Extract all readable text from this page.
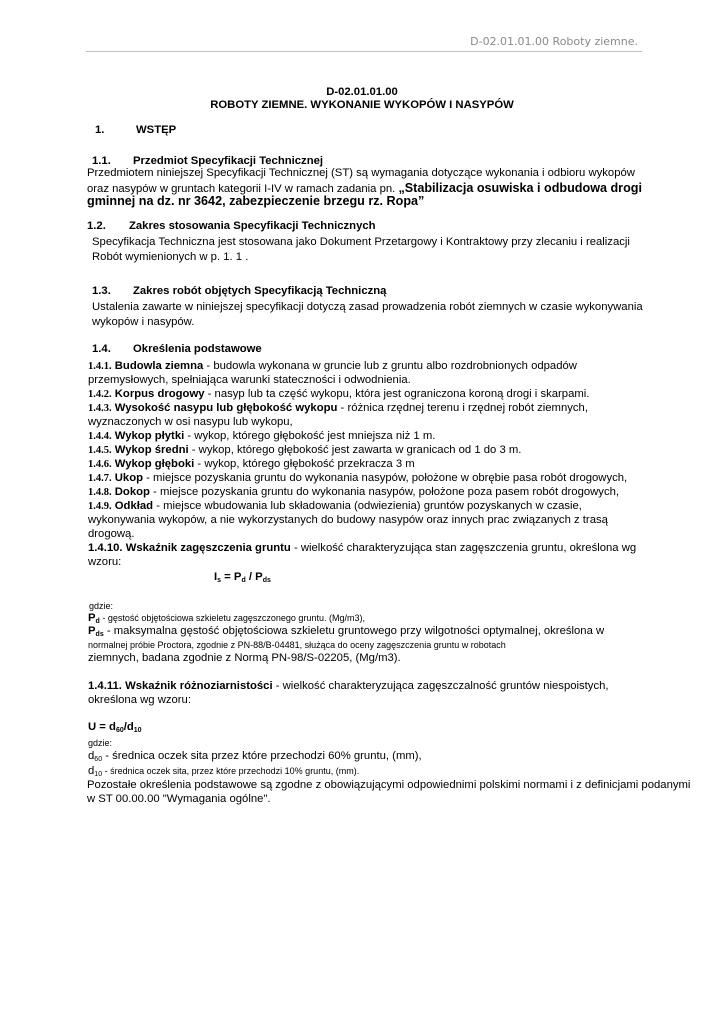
D-02.01.01.00 Roboty ziemne.
D-02.01.01.00
ROBOTY ZIEMNE. WYKONANIE WYKOPÓW I NASYPÓW
1.	WSTĘP
1.1. Przedmiot Specyfikacji Technicznej
Przedmiotem niniejszej Specyfikacji Technicznej (ST) są wymagania dotyczące wykonania i odbioru wykopów
oraz nasypów w gruntach kategorii I-IV w ramach zadania pn. „Stabilizacja osuwiska i odbudowa drogi
gminnej na dz. nr 3642, zabezpieczenie brzegu rz. Ropa”
1.2. Zakres stosowania Specyfikacji Technicznych
Specyfikacja Techniczna jest stosowana jako Dokument Przetargowy i Kontraktowy przy zlecaniu i realizacji
Robót wymienionych w p. 1. 1 .
1.3. Zakres robót objętych Specyfikacją Techniczną
Ustalenia zawarte w niniejszej specyfikacji dotyczą zasad prowadzenia robót ziemnych w czasie wykonywania
wykopów i nasypów.
1.4. Określenia podstawowe
1.4.1. Budowla ziemna - budowla wykonana w gruncie lub z gruntu albo rozdrobnionych odpadów
przemysłowych, spełniająca warunki stateczności i odwodnienia.
1.4.2. Korpus drogowy - nasyp lub ta część wykopu, która jest ograniczona koroną drogi i skarpami.
1.4.3. Wysokość nasypu lub głębokość wykopu - różnica rzędnej terenu i rzędnej robót ziemnych,
wyznaczonych w osi nasypu lub wykopu,
1.4.4. Wykop płytki - wykop, którego głębokość jest mniejsza niż 1 m.
1.4.5. Wykop średni - wykop, którego głębokość jest zawarta w granicach od 1 do 3 m.
1.4.6. Wykop głęboki - wykop, którego głębokość przekracza 3 m
1.4.7. Ukop - miejsce pozyskania gruntu do wykonania nasypów, położone w obrębie pasa robót drogowych,
1.4.8. Dokop - miejsce pozyskania gruntu do wykonania nasypów, położone poza pasem robót drogowych,
1.4.9. Odkład - miejsce wbudowania lub składowania (odwiezienia) gruntów pozyskanych w czasie,
wykonywania wykopów, a nie wykorzystanych do budowy nasypów oraz innych prac związanych z trasą
drogową.
1.4.10. Wskaźnik zagęszczenia gruntu - wielkość charakteryzująca stan zagęszczenia gruntu, określona wg
wzoru:
$I_s = P_d / P_{ds}$
gdzie:
$P_d$ - gęstość objętościowa szkieletu zagęszczonego gruntu. (Mg/m3),
$P_{ds}$ - maksymalna gęstość objętościowa szkieletu gruntowego przy wilgotności optymalnej, określona w
normalnej próbie Proctora, zgodnie z PN-88/B-04481, służąca do oceny zagęszczenia gruntu w robotach
ziemnych, badana zgodnie z Normą PN-98/S-02205, (Mg/m3).
1.4.11. Wskaźnik różnoziarnistości - wielkość charakteryzująca zagęszczalność gruntów niespoistych,
określona wg wzoru:
$U = d_{60}/d_{10}$
gdzie:
$d_{60}$ - średnica oczek sita przez które przechodzi 60% gruntu, (mm),
$d_{10}$ - średnica oczek sita, przez które przechodzi 10% gruntu, (mm).
Pozostałe określenia podstawowe są zgodne z obowiązującymi odpowiednimi polskimi normami i z definicjami podanymi
w ST 00.00.00 "Wymagania ogólne".
